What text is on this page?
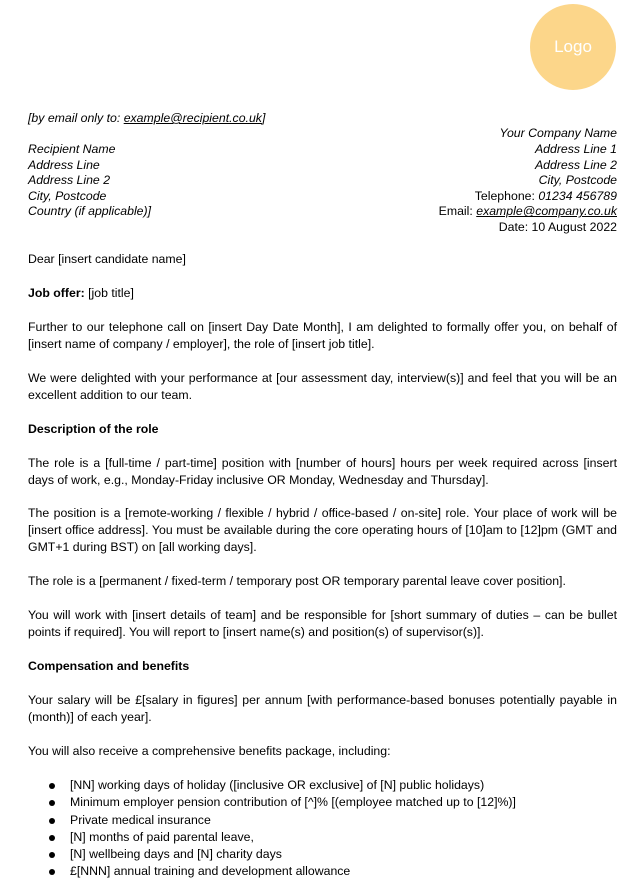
Logo
[by email only to: example@recipient.co.uk]
Recipient Name
Address Line
Address Line 2
City, Postcode
Country (if applicable)]
Your Company Name
Address Line 1
Address Line 2
City, Postcode
Telephone: 01234 456789
Email: example@company.co.uk
Date: 10 August 2022

Dear [insert candidate name]

Job offer: [job title]

Further to our telephone call on [insert Day Date Month], I am delighted to formally offer you, on behalf of [insert name of company / employer], the role of [insert job title].

We were delighted with your performance at [our assessment day, interview(s)] and feel that you will be an excellent addition to our team.

Description of the role

The role is a [full-time / part-time] position with [number of hours] hours per week required across [insert days of work, e.g., Monday-Friday inclusive OR Monday, Wednesday and Thursday].

The position is a [remote-working / flexible / hybrid / office-based / on-site] role. Your place of work will be [insert office address]. You must be available during the core operating hours of [10]am to [12]pm (GMT and GMT+1 during BST) on [all working days].

The role is a [permanent / fixed-term / temporary post OR temporary parental leave cover position].

You will work with [insert details of team] and be responsible for [short summary of duties – can be bullet points if required]. You will report to [insert name(s) and position(s) of supervisor(s)].

Compensation and benefits

Your salary will be £[salary in figures] per annum [with performance-based bonuses potentially payable in (month)] of each year].

You will also receive a comprehensive benefits package, including:

[NN] working days of holiday ([inclusive OR exclusive] of [N] public holidays)
Minimum employer pension contribution of [^]% [(employee matched up to [12]%)]
Private medical insurance
[N] months of paid parental leave,
[N] wellbeing days and [N] charity days
£[NNN] annual training and development allowance
